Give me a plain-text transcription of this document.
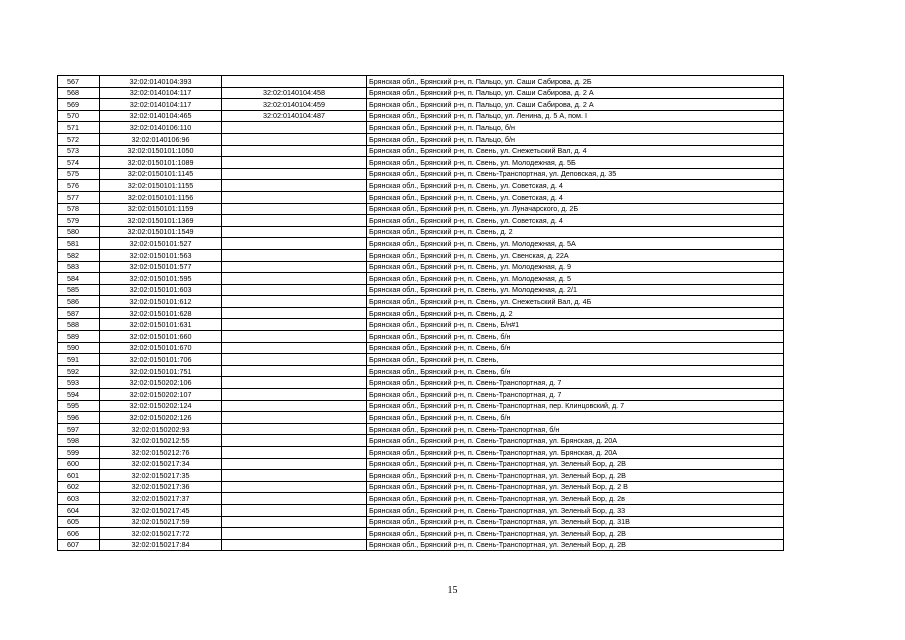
567	32:02:0140104:393		Брянская обл., Брянский р-н, п. Пальцо, ул. Саши Сабирова, д. 2Б
568	32:02:0140104:117	32:02:0140104:458	Брянская обл., Брянский р-н, п. Пальцо, ул. Саши Сабирова, д. 2 А
569	32:02:0140104:117	32:02:0140104:459	Брянская обл., Брянский р-н, п. Пальцо, ул. Саши Сабирова, д. 2 А
570	32:02:0140104:465	32:02:0140104:487	Брянская обл., Брянский р-н, п. Пальцо, ул. Ленина, д. 5 А, пом. I
571	32:02:0140106:110		Брянская обл., Брянский р-н, п. Пальцо, б/н
572	32:02:0140106:96		Брянская обл., Брянский р-н, п. Пальцо, б/н
573	32:02:0150101:1050		Брянская обл., Брянский р-н, п. Свень, ул. Снежетьский Вал, д. 4
574	32:02:0150101:1089		Брянская обл., Брянский р-н, п. Свень, ул. Молодежная, д. 5Б
575	32:02:0150101:1145		Брянская обл., Брянский р-н, п. Свень-Транспортная, ул. Деповская, д. 35
576	32:02:0150101:1155		Брянская обл., Брянский р-н, п. Свень, ул. Советская, д. 4
577	32:02:0150101:1156		Брянская обл., Брянский р-н, п. Свень, ул. Советская, д. 4
578	32:02:0150101:1159		Брянская обл., Брянский р-н, п. Свень, ул. Луначарского, д. 2Б
579	32:02:0150101:1369		Брянская обл., Брянский р-н, п. Свень, ул. Советская, д. 4
580	32:02:0150101:1549		Брянская обл., Брянский р-н, п. Свень, д. 2
581	32:02:0150101:527		Брянская обл., Брянский р-н, п. Свень, ул. Молодежная, д. 5А
582	32:02:0150101:563		Брянская обл., Брянский р-н, п. Свень, ул. Свенская, д. 22А
583	32:02:0150101:577		Брянская обл., Брянский р-н, п. Свень, ул. Молодежная, д. 9
584	32:02:0150101:595		Брянская обл., Брянский р-н, п. Свень, ул. Молодежная, д. 5
585	32:02:0150101:603		Брянская обл., Брянский р-н, п. Свень, ул. Молодежная, д. 2/1
586	32:02:0150101:612		Брянская обл., Брянский р-н, п. Свень, ул. Снежетьский Вал, д. 4Б
587	32:02:0150101:628		Брянская обл., Брянский р-н, п. Свень, д. 2
588	32:02:0150101:631		Брянская обл., Брянский р-н, п. Свень, Б/н#1
589	32:02:0150101:660		Брянская обл., Брянский р-н, п. Свень, б/н
590	32:02:0150101:670		Брянская обл., Брянский р-н, п. Свень, б/н
591	32:02:0150101:706		Брянская обл., Брянский р-н, п. Свень,
592	32:02:0150101:751		Брянская обл., Брянский р-н, п. Свень, б/н
593	32:02:0150202:106		Брянская обл., Брянский р-н, п. Свень-Транспортная, д. 7
594	32:02:0150202:107		Брянская обл., Брянский р-н, п. Свень-Транспортная, д. 7
595	32:02:0150202:124		Брянская обл., Брянский р-н, п. Свень-Транспортная, пер. Клинцовский, д. 7
596	32:02:0150202:126		Брянская обл., Брянский р-н, п. Свень, б/н
597	32:02:0150202:93		Брянская обл., Брянский р-н, п. Свень-Транспортная, б/н
598	32:02:0150212:55		Брянская обл., Брянский р-н, п. Свень-Транспортная, ул. Брянская, д. 20А
599	32:02:0150212:76		Брянская обл., Брянский р-н, п. Свень-Транспортная, ул. Брянская, д. 20А
600	32:02:0150217:34		Брянская обл., Брянский р-н, п. Свень-Транспортная, ул. Зеленый Бор, д. 2В
601	32:02:0150217:35		Брянская обл., Брянский р-н, п. Свень-Транспортная, ул. Зеленый Бор, д. 2В
602	32:02:0150217:36		Брянская обл., Брянский р-н, п. Свень-Транспортная, ул. Зеленый Бор, д. 2 В
603	32:02:0150217:37		Брянская обл., Брянский р-н, п. Свень-Транспортная, ул. Зеленый Бор, д. 2в
604	32:02:0150217:45		Брянская обл., Брянский р-н, п. Свень-Транспортная, ул. Зеленый Бор, д. 33
605	32:02:0150217:59		Брянская обл., Брянский р-н, п. Свень-Транспортная, ул. Зеленый Бор, д. 31В
606	32:02:0150217:72		Брянская обл., Брянский р-н, п. Свень-Транспортная, ул. Зеленый Бор, д. 2В
607	32:02:0150217:84		Брянская обл., Брянский р-н, п. Свень-Транспортная, ул. Зеленый Бор, д. 2В
15
